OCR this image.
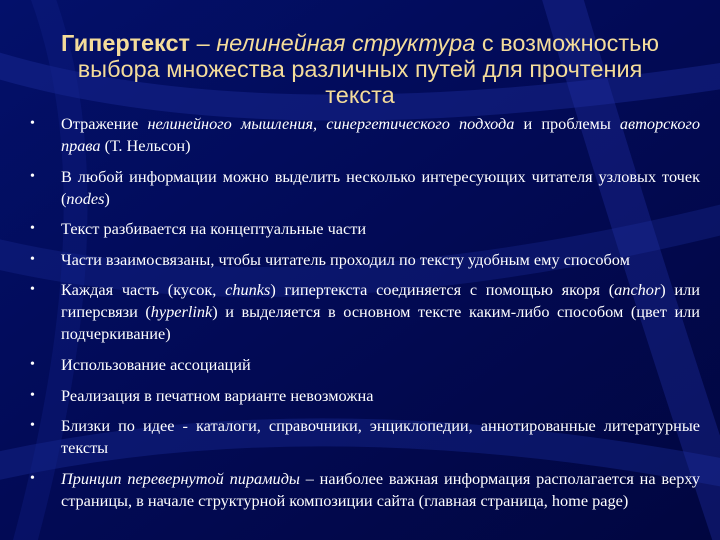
Гипертекст – нелинейная структура с возможностью выбора множества различных путей для прочтения текста
• Отражение нелинейного мышления, синергетического подхода и проблемы авторского права (Т. Нельсон)
• В любой информации можно выделить несколько интересующих читателя узловых точек (nodes)
• Текст разбивается на концептуальные части
• Части взаимосвязаны, чтобы читатель проходил по тексту удобным ему способом
• Каждая часть (кусок, chunks) гипертекста соединяется с помощью якоря (anchor) или гиперсвязи (hyperlink) и выделяется в основном тексте каким-либо способом (цвет или подчеркивание)
• Использование ассоциаций
• Реализация в печатном варианте невозможна
• Близки по идее - каталоги, справочники, энциклопедии, аннотированные литературные тексты
• Принцип перевернутой пирамиды – наиболее важная информация располагается на верху страницы, в начале структурной композиции сайта (главная страница, home page)
